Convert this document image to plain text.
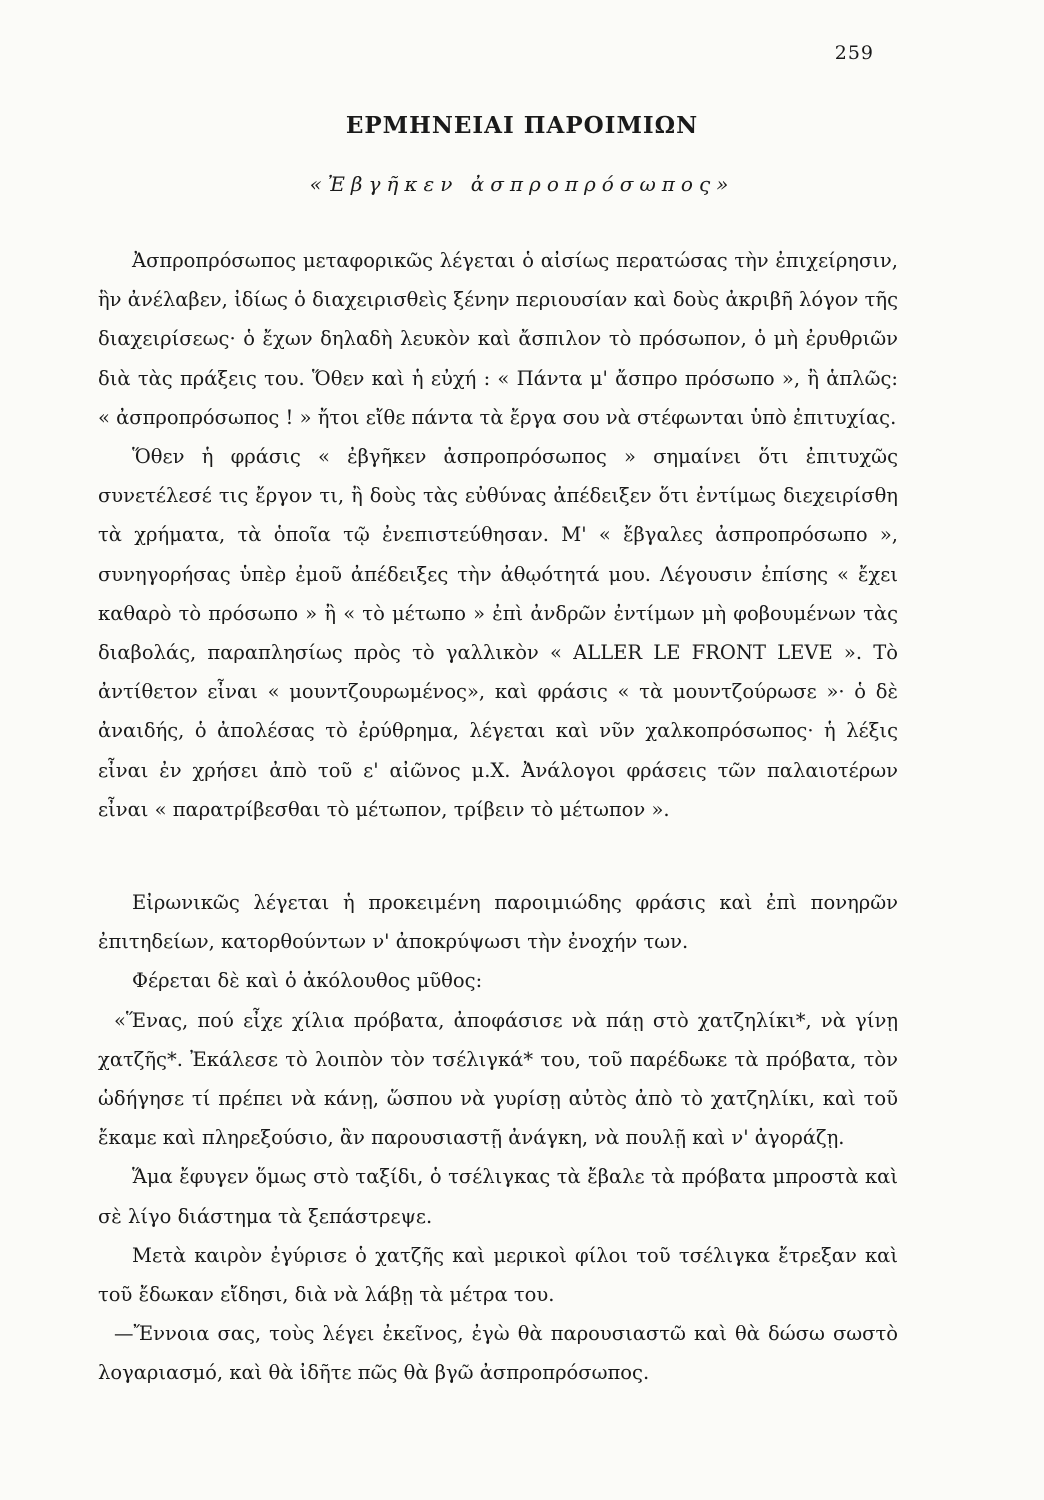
259
ΕΡΜΗΝΕΙΑΙ ΠΑΡΟΙΜΙΩΝ
«Ἐβγῆκεν ἀσπροπρόσωπος»

Ἀσπροπρόσωπος μεταφορικῶς λέγεται ὁ αἰσίως περατώσας τὴν ἐπιχείρησιν, ἣν ἀνέλαβεν, ἰδίως ὁ διαχειρισθεὶς ξένην περιουσίαν καὶ δοὺς ἀκριβῆ λόγον τῆς διαχειρίσεως· ὁ ἔχων δηλαδὴ λευκὸν καὶ ἄσπιλον τὸ πρόσωπον, ὁ μὴ ἐρυθριῶν διὰ τὰς πράξεις του. Ὅθεν καὶ ἡ εὐχή : « Πάντα μ' ἄσπρο πρόσωπο », ἢ ἁπλῶς: « ἀσπροπρόσωπος ! » ἤτοι εἴθε πάντα τὰ ἔργα σου νὰ στέφωνται ὑπὸ ἐπιτυχίας.

Ὅθεν ἡ φράσις « ἐβγῆκεν ἀσπροπρόσωπος » σημαίνει ὅτι ἐπιτυχῶς συνετέλεσέ τις ἔργον τι, ἢ δοὺς τὰς εὐθύνας ἀπέδειξεν ὅτι ἐντίμως διεχειρίσθη τὰ χρήματα, τὰ ὁποῖα τῷ ἐνεπιστεύθησαν. Μ' « ἔβγαλες ἀσπροπρόσωπο », συνηγορήσας ὑπὲρ ἐμοῦ ἀπέδειξες τὴν ἀθῳότητά μου. Λέγουσιν ἐπίσης « ἔχει καθαρὸ τὸ πρόσωπο » ἢ « τὸ μέτωπο » ἐπὶ ἀνδρῶν ἐντίμων μὴ φοβουμένων τὰς διαβολάς, παραπλησίως πρὸς τὸ γαλλικὸν « ALLER LE FRONT LEVE ». Τὸ ἀντίθετον εἶναι « μουντζουρωμένος», καὶ φράσις « τὰ μουντζούρωσε »· ὁ δὲ ἀναιδής, ὁ ἀπολέσας τὸ ἐρύθρημα, λέγεται καὶ νῦν χαλκοπρόσωπος· ἡ λέξις εἶναι ἐν χρήσει ἀπὸ τοῦ ε' αἰῶνος μ.Χ. Ἀνάλογοι φράσεις τῶν παλαιοτέρων εἶναι « παρατρίβεσθαι τὸ μέτωπον, τρίβειν τὸ μέτωπον ».

Εἰρωνικῶς λέγεται ἡ προκειμένη παροιμιώδης φράσις καὶ ἐπὶ πονηρῶν ἐπιτηδείων, κατορθούντων ν' ἀποκρύψωσι τὴν ἐνοχήν των.

Φέρεται δὲ καὶ ὁ ἀκόλουθος μῦθος:

«Ἕνας, πού εἶχε χίλια πρόβατα, ἀποφάσισε νὰ πάῃ στὸ χατζηλίκι*, νὰ γίνῃ χατζῆς*. Ἐκάλεσε τὸ λοιπὸν τὸν τσέλιγκά* του, τοῦ παρέδωκε τὰ πρόβατα, τὸν ὡδήγησε τί πρέπει νὰ κάνῃ, ὥσπου νὰ γυρίσῃ αὐτὸς ἀπὸ τὸ χατζηλίκι, καὶ τοῦ ἔκαμε καὶ πληρεξούσιο, ἂν παρουσιαστῇ ἀνάγκη, νὰ πουλῇ καὶ ν' ἀγοράζῃ.

Ἅμα ἔφυγεν ὅμως στὸ ταξίδι, ὁ τσέλιγκας τὰ ἔβαλε τὰ πρόβατα μπροστὰ καὶ σὲ λίγο διάστημα τὰ ξεπάστρεψε.

Μετὰ καιρὸν ἐγύρισε ὁ χατζῆς καὶ μερικοὶ φίλοι τοῦ τσέλιγκα ἔτρεξαν καὶ τοῦ ἔδωκαν εἴδησι, διὰ νὰ λάβῃ τὰ μέτρα του.

—Ἔννοια σας, τοὺς λέγει ἐκεῖνος, ἐγὼ θὰ παρουσιαστῶ καὶ θὰ δώσω σωστὸ λογαριασμό, καὶ θὰ ἰδῆτε πῶς θὰ βγῶ ἀσπροπρόσωπος.
